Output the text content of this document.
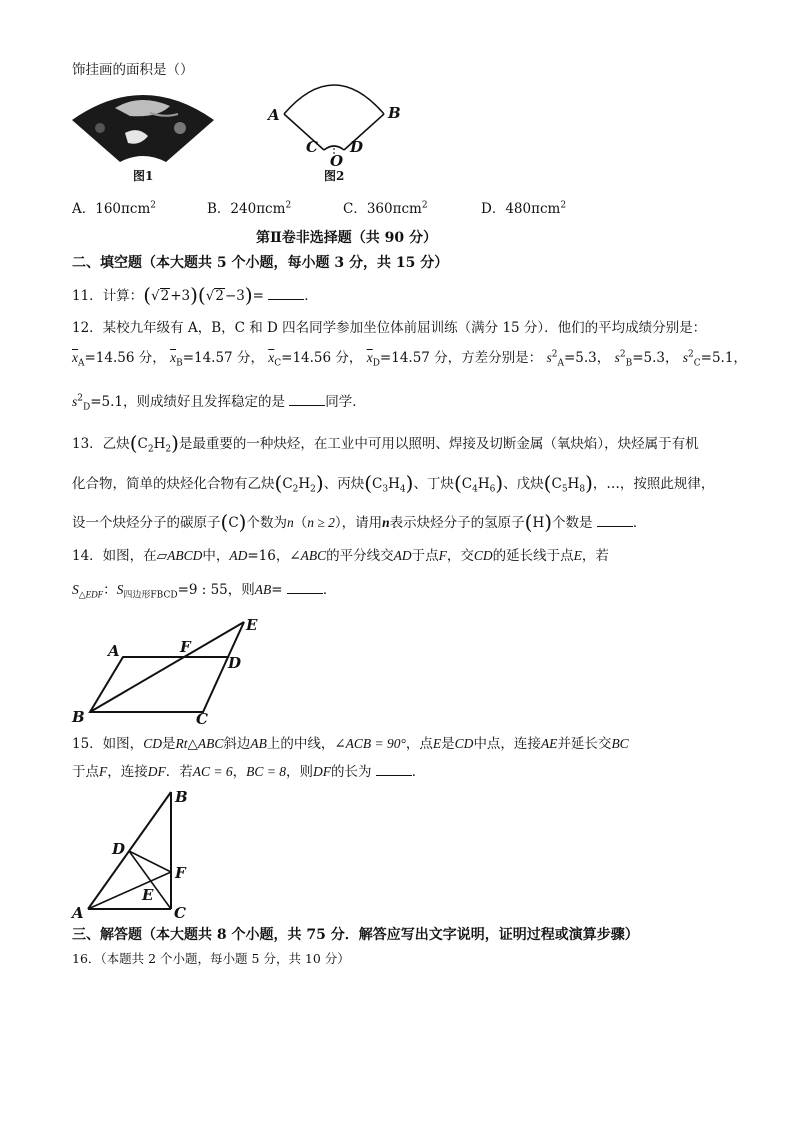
饰挂画的面积是（）
图1
A	B
C D
O
图2
A．160πcm$^2$	B．240πcm$^2$	C．360πcm$^2$	D．480πcm$^2$
第Ⅱ卷非选择题（共 90 分）
二、填空题（本大题共 5 个小题，每小题 3 分，共 15 分）
11．计算：(√2+3)(√2−3)=	．
12．某校九年级有 A，B，C 和 D 四名同学参加坐位体前屈训练（满分 15 分）．他们的平均成绩分别是：
$\overline{x}_A=14.56$ 分， $\overline{x}_B=14.57$ 分， $\overline{x}_C=14.56$ 分， $\overline{x}_D=14.57$ 分，方差分别是： $s^2_A=5.3$， $s^2_B=5.3$， $s^2_C=5.1$，
$s^2_D=5.1$，则成绩好且发挥稳定的是	同学．
13．乙炔$(C_2H_2)$是最重要的一种炔烃，在工业中可用以照明、焊接及切断金属（氧炔焰），炔烃属于有机
化合物，简单的炔烃化合物有乙炔$(C_2H_2)$、丙炔$(C_3H_4)$、丁炔$(C_4H_6)$、戊炔$(C_5H_8)$，…，按照此规律，
设一个炔烃分子的碳原子(C)个数为n（n ≥ 2），请用n表示炔烃分子的氢原子(H)个数是	．
14．如图，在▱ABCD中，AD=16，∠ABC的平分线交AD于点F，交CD的延长线于点E，若
$S_{\triangle EDF}$：$S_{四边形FBCD}=9$ : 55，则AB=	．
A	F
D
E
B	C
15．如图，CD是Rt△ABC斜边AB上的中线，∠ACB = 90°，点E是CD中点，连接AE并延长交BC
于点F，连接DF．若AC = 6，BC = 8，则DF的长为	．
B
D
F
E
A	C
三、解答题（本大题共 8 个小题，共 75 分．解答应写出文字说明，证明过程或演算步骤）
16．（本题共 2 个小题，每小题 5 分，共 10 分）
